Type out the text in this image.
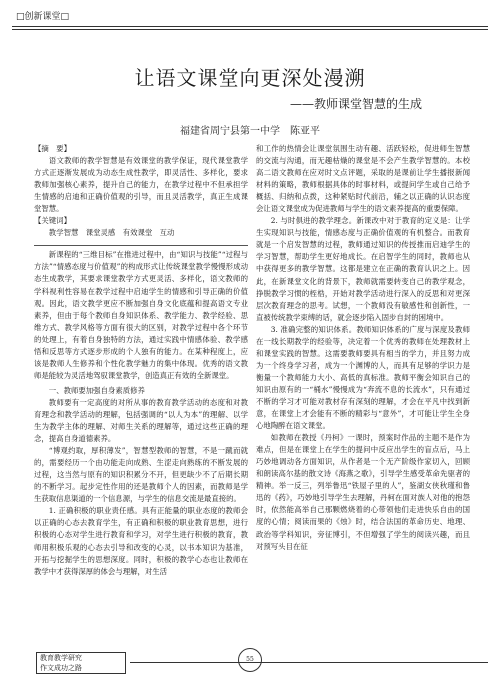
□创新课堂□
让语文课堂向更深处漫溯
——教师课堂智慧的生成
福建省周宁县第一中学　陈亚平
【摘　要】

语文教师的教学智慧是有效课堂的教学保证，现代课堂教学方式正逐渐发展成为动态生成性教学，即灵活性、多样化，要求教师加强核心素养，提升自己的能力，在教学过程中不但承担学生情感的启迪和正确价值观的引导，而且灵活教学，真正生成课堂智慧。

【关键词】
教学智慧　课堂灵感　有效课堂　互动

新课程的“三维目标”在推进过程中，由“知识与技能”“过程与方法”“情感态度与价值观”的构成形式让传统课堂教学慢慢形成动态生成教学，其要求课堂教学方式更灵活、多样化，语文教师的学科视利性容易在教学过程中启迪学生的情感和引导正确的价值观。因此，语文教学更应不断加强自身文化底蕴和提高语文专业素养，但由于每个教师自身知识体系、教学能力、教学经验、思维方式、教学风格等方面有很大的区别，对教学过程中各个环节的处理上，有着自身独特的方法，通过实践中情感体验、教学感悟和反思等方式逐步形成的个人独有的能力。在某种程度上，应该是教师人生修养和个性化教学魅力的集中体现。优秀的语文教师是能较为灵活地驾驭课堂教学，创造真正有效的全新课堂。

一、教师要加强自身素质修养

教师要有一定高度的对所从事的教育教学活动的态度和对教育理念和教学活动的理解，包括强调的“以人为本”的理解、以学生为教学主体的理解、对师生关系的理解等，通过这些正确的理念，提高自身道德素养。

“博观约取，厚积薄发”，智慧型教师的智慧，不是一蹴而就的，需要经历一个由功能走向成熟、生涩走向熟练的不断发展的过程，这当然与原有的知识积累分不开，但更缺少不了后期长期的不断学习。起步定性作用的还是教师个人的因素，而教师是学生获取信息渠道的一个信息源，与学生的信息交流是最直接的。

1. 正确积极的职业责任感。具有正能量的职业态度的教师会以正确的心态去教育学生，有正确和积极的职业教育思想，进行积极的心态对学生进行教育和学习，对学生进行积极的教育，教师用积极乐观的心态去引导和改变的心灵，以书本知识为基准，开拓与挖掘学生的思想深度。同时，积极的教学心态也让教师在教学中才获得深厚的体会与理解，对生活

和工作的热情会让课堂氛围生动有趣、活跃轻松，促进师生智慧的交流与沟通，而无趣枯燥的课堂是不会产生教学智慧的。本校高二语文教师在应对时文点评题，采取的是课前让学生播报新闻材料的策略，教师根据具体的时事材料，或提问学生或自己给予概括、归纳和点拨，这种紧贴时代前沿，辅之以正确的认识态度会让语文课堂成为促进教师与学生的语文素养提高的重要保障。

2. 与时俱进的教学理念。新课改中对于教育的定义是：让学生实现知识与技能，情感态度与正确价值观的有机整合。而教育就是一个启发智慧的过程，教师通过知识的传授推而启迪学生的学习智慧，帮助学生更好地成长。在启智学生的同时，教师也从中获得更多的教学智慧。这都是建立在正确的教育认识之上。因此，在新课堂文化的背景下，教师就需要转变自己的教学观念，挣脱教学习惯的桎梏，开始对教学活动进行深入的反思和对更深层次教育理念的思考。试想，一个教师没有敏感性和创新性，一直被传统教学束缚的话，就会逐步陷入固步自封的困境中。

3. 准确完整的知识体系。教师知识体系的广度与深度及教师在一线长期教学的经验等，决定着一个优秀的教师在处理教材上和课堂实践的智慧。这需要教师要具有相当的学力，并且努力成为一个终身学习者，成为一个渊博的人，而具有足够的学识力是衡量一个教师能力大小、高低的真标准。教师平衡会知识自己的知识由原有的一“桶水”慢慢成为“奔流不息的长流水”，只有通过不断的学习才可能对教材存有深刻的理解，才会在平凡中找到新意，在课堂上才会能有不断的精彩与“意外”，才可能让学生全身心地陶醉在语文课堂。

如教师在教授《丹柯》一课时，预案时作品的主题不是作为难点，但是在课堂上在学生的提问中反应出学生的盲点后，马上巧妙地调动各方面知识，从作者是一个无产阶级作家切入，回顾和朗读高尔基的散文诗《海燕之歌》，引导学生感受革命先驱者的精神。举一反三，列举鲁迅“铁屋子里的人”，鉴湖女侠秋瑾和鲁迅的《药》，巧妙地引导学生去理解，丹柯在面对族人对他的抱怨时，依然能高举自己那颗燃烧着的心带领他们走进快乐自由的国度的心情；阅读而果的《烛》时，结合法国的革命历史、地理、政治等学科知识，旁征博引，不但增强了学生的阅读兴趣，而且对预写头目在征

教育教学研究
作文成功之路
55
